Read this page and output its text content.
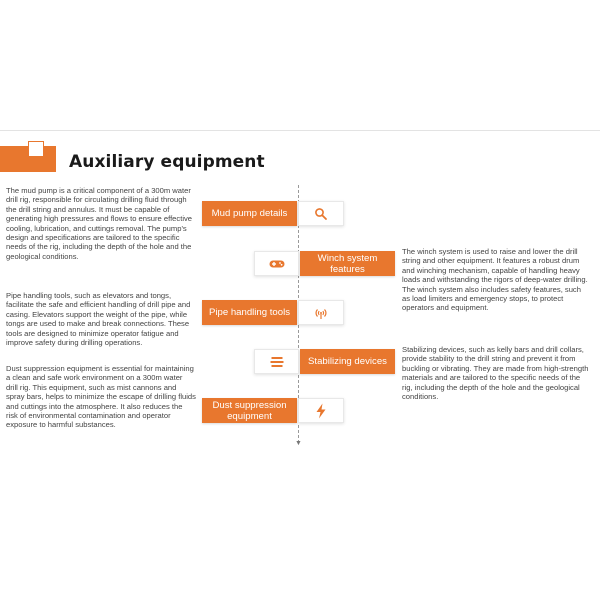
Auxiliary equipment

The mud pump is a critical component of a 300m water drill rig, responsible for circulating drilling fluid through the drill string and annulus. It must be capable of generating high pressures and flows to ensure effective cooling, lubrication, and cuttings removal. The pump's design and specifications are tailored to the specific needs of the rig, including the depth of the hole and the geological conditions.

Pipe handling tools, such as elevators and tongs, facilitate the safe and efficient handling of drill pipe and casing. Elevators support the weight of the pipe, while tongs are used to make and break connections. These tools are designed to minimize operator fatigue and improve safety during drilling operations.

Dust suppression equipment is essential for maintaining a clean and safe work environment on a 300m water drill rig. This equipment, such as mist cannons and spray bars, helps to minimize the escape of drilling fluids and cuttings into the atmosphere. It also reduces the risk of environmental contamination and operator exposure to harmful substances.

The winch system is used to raise and lower the drill string and other equipment. It features a robust drum and winching mechanism, capable of handling heavy loads and withstanding the rigors of deep-water drilling. The winch system also includes safety features, such as load limiters and emergency stops, to protect operators and equipment.

Stabilizing devices, such as kelly bars and drill collars, provide stability to the drill string and prevent it from buckling or vibrating. They are made from high-strength materials and are tailored to the specific needs of the rig, including the depth of the hole and the geological conditions.

▼
Mud pump details
Winch system features
Pipe handling tools
Stabilizing devices
Dust suppression equipment
